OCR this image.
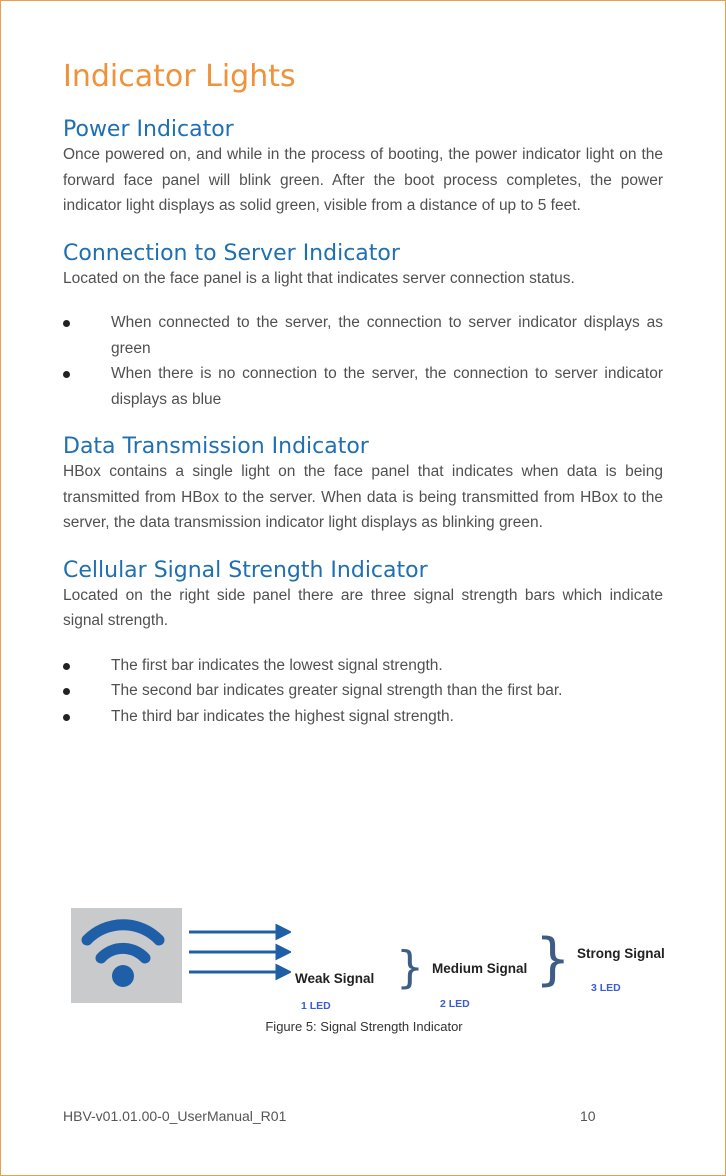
Indicator Lights
Power Indicator

Once powered on, and while in the process of booting, the power indicator light on the forward face panel will blink green. After the boot process completes, the power indicator light displays as solid green, visible from a distance of up to 5 feet.

Connection to Server Indicator

Located on the face panel is a light that indicates server connection status.

When connected to the server, the connection to server indicator displays as green
When there is no connection to the server, the connection to server indicator displays as blue
Data Transmission Indicator

HBox contains a single light on the face panel that indicates when data is being transmitted from HBox to the server. When data is being transmitted from HBox to the server, the data transmission indicator light displays as blinking green.

Cellular Signal Strength Indicator

Located on the right side panel there are three signal strength bars which indicate signal strength.

The first bar indicates the lowest signal strength.
The second bar indicates greater signal strength than the first bar.
The third bar indicates the highest signal strength.
Weak Signal
1 LED
} Medium Signal
2 LED
} Strong Signal
3 LED
Figure 5: Signal Strength Indicator
HBV-v01.01.00-0_UserManual_R01	10
